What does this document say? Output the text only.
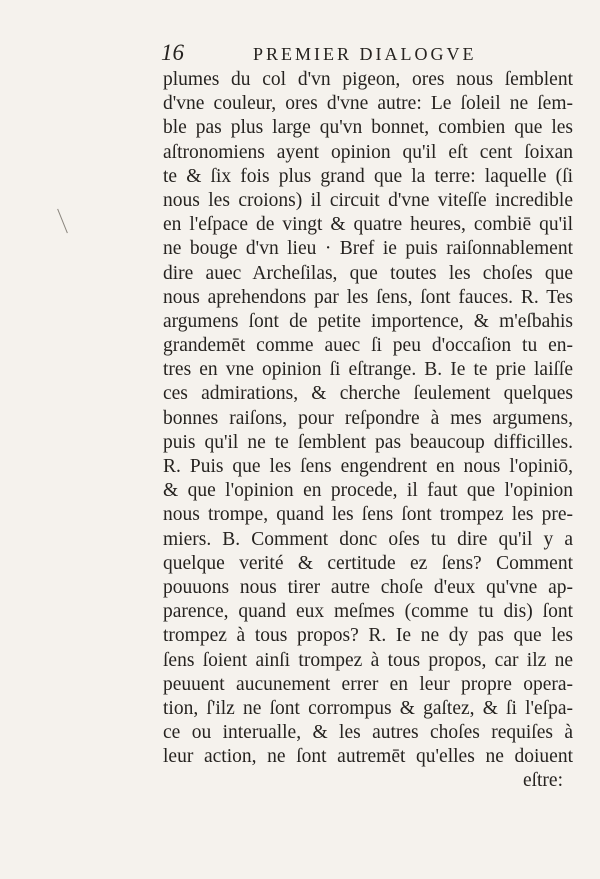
16	PREMIER DIALOGVE
plumes du col d'vn pigeon, ores nous ſemblent
d'vne couleur, ores d'vne autre: Le ſoleil ne ſem-
ble pas plus large qu'vn bonnet, combien que les
aſtronomiens ayent opinion qu'il eſt cent ſoixan
te & ſix fois plus grand que la terre: laquelle (ſi
nous les croions) il circuit d'vne viteſſe incredible
en l'eſpace de vingt & quatre heures, combiē qu'il
ne bouge d'vn lieu · Bref ie puis raiſonnablement
dire auec Archeſilas, que toutes les choſes que
nous aprehendons par les ſens, ſont fauces. R. Tes
argumens ſont de petite importence, & m'eſbahis
grandemēt comme auec ſi peu d'occaſion tu en-
tres en vne opinion ſi eſtrange. B. Ie te prie laiſſe
ces admirations, & cherche ſeulement quelques
bonnes raiſons, pour reſpondre à mes argumens,
puis qu'il ne te ſemblent pas beaucoup difficilles.
R. Puis que les ſens engendrent en nous l'opiniō,
& que l'opinion en procede, il faut que l'opinion
nous trompe, quand les ſens ſont trompez les pre-
miers. B. Comment donc oſes tu dire qu'il y a
quelque verité & certitude ez ſens? Comment
pouuons nous tirer autre choſe d'eux qu'vne ap-
parence, quand eux meſmes (comme tu dis) ſont
trompez à tous propos? R. Ie ne dy pas que les
ſens ſoient ainſi trompez à tous propos, car ilz ne
peuuent aucunement errer en leur propre opera-
tion, ſ'ilz ne ſont corrompus & gaſtez, & ſi l'eſpa-
ce ou interualle, & les autres choſes requiſes à
leur action, ne ſont autremēt qu'elles ne doiuent
eſtre:
